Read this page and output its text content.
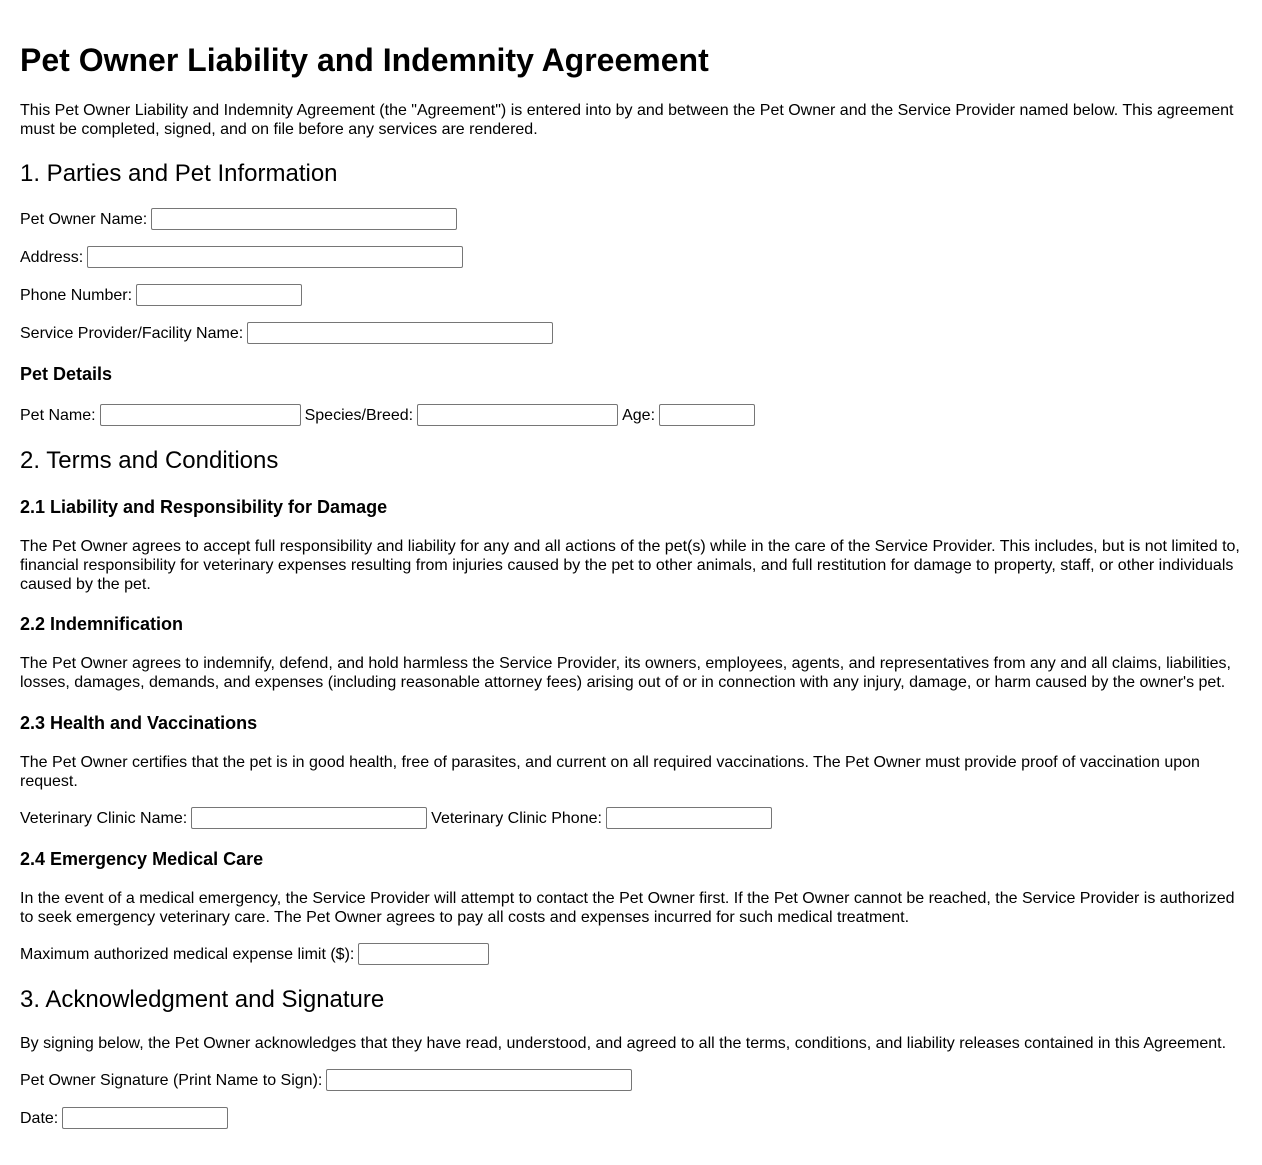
Pet Owner Liability and Indemnity Agreement

This Pet Owner Liability and Indemnity Agreement (the "Agreement") is entered into by and between the Pet Owner and the Service Provider named below. This agreement must be completed, signed, and on file before any services are rendered.

1. Parties and Pet Information
Pet Owner Name:
Address:
Phone Number:
Service Provider/Facility Name:
Pet Details
Pet Name:	Species/Breed:	Age:
2. Terms and Conditions
2.1 Liability and Responsibility for Damage

The Pet Owner agrees to accept full responsibility and liability for any and all actions of the pet(s) while in the care of the Service Provider. This includes, but is not limited to, financial responsibility for veterinary expenses resulting from injuries caused by the pet to other animals, and full restitution for damage to property, staff, or other individuals caused by the pet.

2.2 Indemnification

The Pet Owner agrees to indemnify, defend, and hold harmless the Service Provider, its owners, employees, agents, and representatives from any and all claims, liabilities, losses, damages, demands, and expenses (including reasonable attorney fees) arising out of or in connection with any injury, damage, or harm caused by the owner's pet.

2.3 Health and Vaccinations

The Pet Owner certifies that the pet is in good health, free of parasites, and current on all required vaccinations. The Pet Owner must provide proof of vaccination upon request.

Veterinary Clinic Name:	Veterinary Clinic Phone:
2.4 Emergency Medical Care

In the event of a medical emergency, the Service Provider will attempt to contact the Pet Owner first. If the Pet Owner cannot be reached, the Service Provider is authorized to seek emergency veterinary care. The Pet Owner agrees to pay all costs and expenses incurred for such medical treatment.

Maximum authorized medical expense limit ($):
3. Acknowledgment and Signature

By signing below, the Pet Owner acknowledges that they have read, understood, and agreed to all the terms, conditions, and liability releases contained in this Agreement.

Pet Owner Signature (Print Name to Sign):
Date:
